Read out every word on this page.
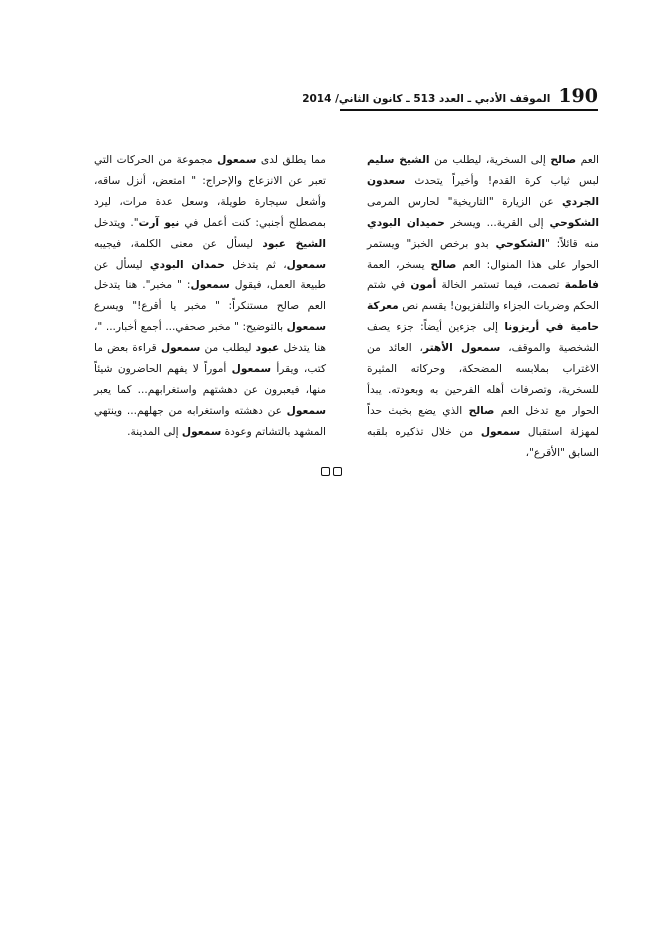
الموقف الأدبي ـ العدد 513 ـ كانون الثاني/ 2014 190

العم صالح إلى السخرية، ليطلب من الشيخ سليم لبس ثياب كرة القدم! وأخيراً يتحدث سعدون الجردي عن الزيارة "التاريخية" لحارس المرمى الشكوحي إلى القرية... ويسخر حميدان البودي منه قائلاً: "الشكوحي بدو برخص الخبز" ويستمر الحوار على هذا المنوال: العم صالح يسخر، العمة فاطمة تصمت، فيما تستمر الخالة أمون في شتم الحكم وضربات الجزاء والتلفزيون! يقسم نص معركة حامية في أريزونا إلى جزءين أيضاً: جزء يصف الشخصية والموقف، سمعول الأهتر، العائد من الاغتراب بملابسه المضحكة، وحركاته المثيرة للسخرية، وتصرفات أهله الفرحين به وبعودته. يبدأ الحوار مع تدخل العم صالح الذي يضع بخبث حداً لمهزلة استقبال سمعول من خلال تذكيره بلقبه السابق "الأقرع"،

مما يطلق لدى سمعول مجموعة من الحركات التي تعبر عن الانزعاج والإحراج: " امتعض، أنزل ساقه، وأشعل سيجارة طويلة، وسعل عدة مرات، ليرد بمصطلح أجنبي: كنت أعمل في نيو آرت". ويتدخل الشيخ عبود ليسأل عن معنى الكلمة، فيجيبه سمعول، ثم يتدخل حمدان البودي ليسأل عن طبيعة العمل، فيقول سمعول: " مخبر". هنا يتدخل العم صالح مستنكراً: " مخبر يا أقرع!" ويسرع سمعول بالتوضيح: " مخبر صحفي... أجمع أخبار... "، هنا يتدخل عبود ليطلب من سمعول قراءة بعض ما كتب، ويقرأ سمعول أموراً لا يفهم الحاضرون شيئاً منها، فيعبرون عن دهشتهم واستغرابهم... كما يعبر سمعول عن دهشته واستغرابه من جهلهم... وينتهي المشهد بالتشاتم وعودة سمعول إلى المدينة.
